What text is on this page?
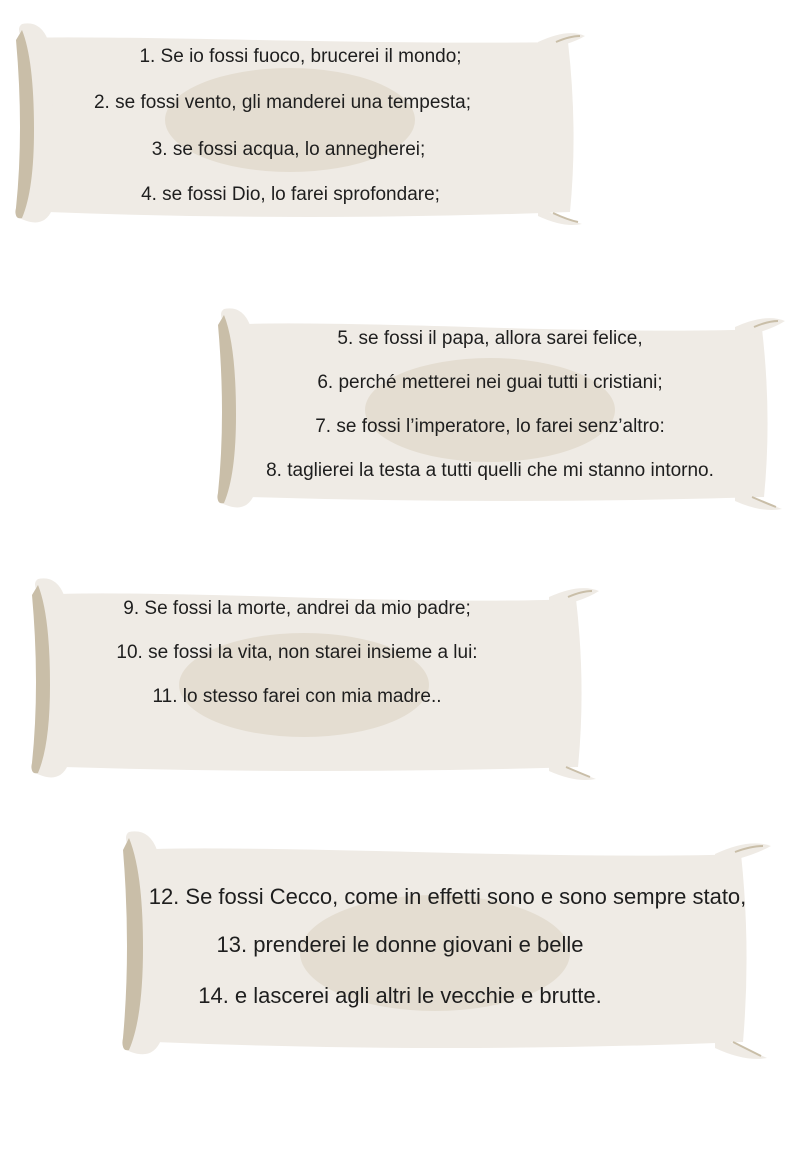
1. Se io fossi fuoco, brucerei il mondo;
2. se fossi vento, gli manderei una tempesta;
3. se fossi acqua, lo annegherei;
4. se fossi Dio, lo farei sprofondare;
5. se fossi il papa, allora sarei felice,
6. perché metterei nei guai tutti i cristiani;
7. se fossi l’imperatore, lo farei senz’altro:
8. taglierei la testa a tutti quelli che mi stanno intorno.
9. Se fossi la morte, andrei da mio padre;
10. se fossi la vita, non starei insieme a lui:
11. lo stesso farei con mia madre..
12. Se fossi Cecco, come in effetti sono e sono sempre stato,
13. prenderei le donne giovani e belle
14. e lascerei agli altri le vecchie e brutte.
